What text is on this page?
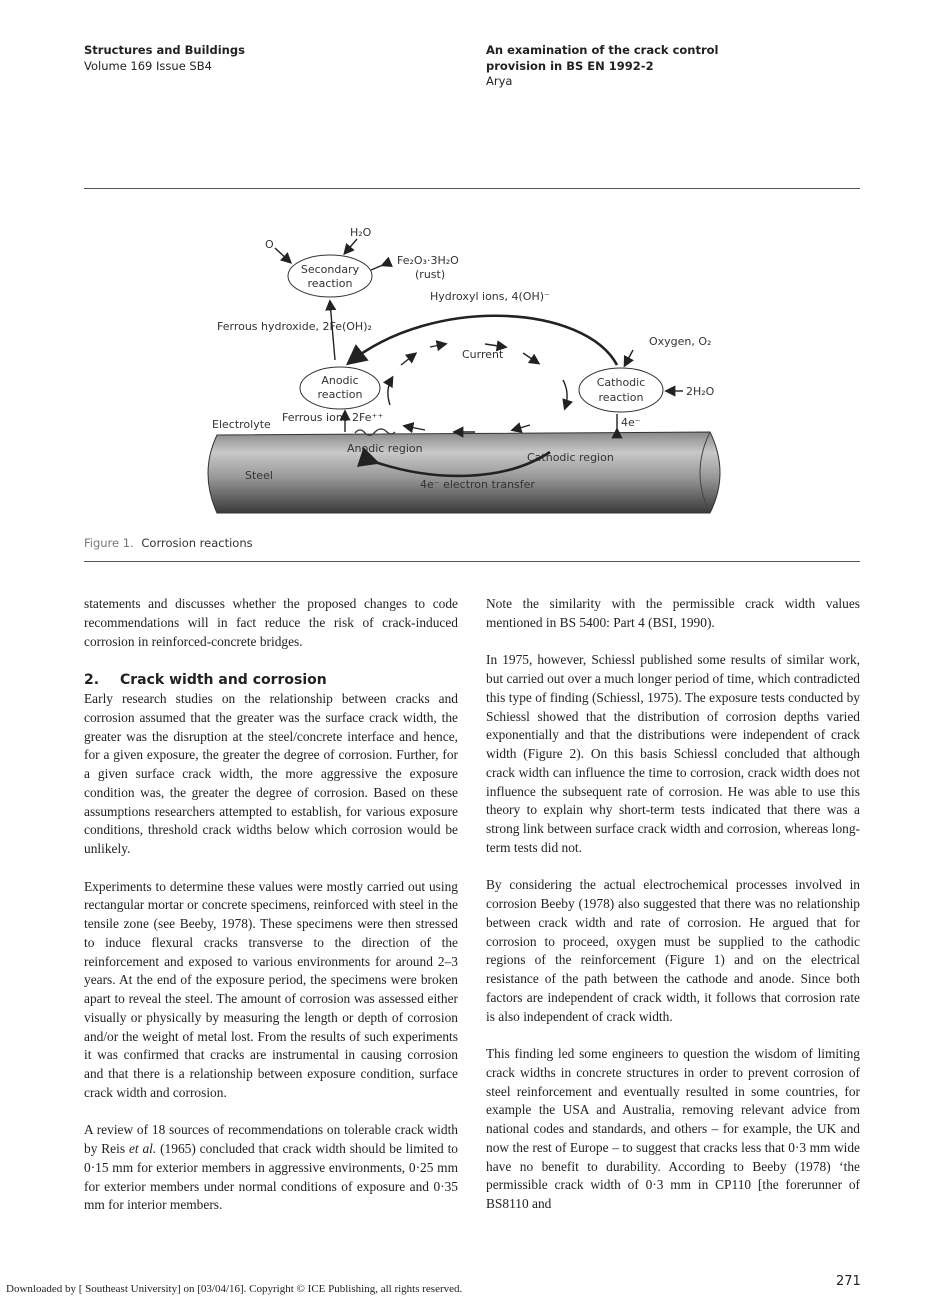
Structures and Buildings
Volume 169 Issue SB4
An examination of the crack control
provision in BS EN 1992-2
Arya
Secondary
reaction
Anodic
reaction
Cathodic
reaction
H₂O
O
Fe₂O₃·3H₂O
(rust)
Hydroxyl ions, 4(OH)⁻
Ferrous hydroxide, 2Fe(OH)₂
Oxygen, O₂
Current
2H₂O
Electrolyte
Ferrous ions 2Fe⁺⁺	4e⁻
Anodic region
Cathodic region
Steel
4e⁻ electron transfer
Figure 1. Corrosion reactions

statements and discusses whether the proposed changes to code recommendations will in fact reduce the risk of crack-induced corrosion in reinforced-concrete bridges.

2. Crack width and corrosion

Early research studies on the relationship between cracks and corrosion assumed that the greater was the surface crack width, the greater was the disruption at the steel/concrete interface and hence, for a given exposure, the greater the degree of corrosion. Further, for a given surface crack width, the more aggressive the exposure condition was, the greater the degree of corrosion. Based on these assumptions researchers attempted to establish, for various exposure conditions, threshold crack widths below which corrosion would be unlikely.

Experiments to determine these values were mostly carried out using rectangular mortar or concrete specimens, reinforced with steel in the tensile zone (see Beeby, 1978). These specimens were then stressed to induce flexural cracks transverse to the direction of the reinforcement and exposed to various environments for around 2–3 years. At the end of the exposure period, the specimens were broken apart to reveal the steel. The amount of corrosion was assessed either visually or physically by measuring the length or depth of corrosion and/or the weight of metal lost. From the results of such experiments it was confirmed that cracks are instrumental in causing corrosion and that there is a relationship between exposure condition, surface crack width and corrosion.

A review of 18 sources of recommendations on tolerable crack width by Reis et al. (1965) concluded that crack width should be limited to 0·15 mm for exterior members in aggressive environments, 0·25 mm for exterior members under normal conditions of exposure and 0·35 mm for interior members.

Note the similarity with the permissible crack width values mentioned in BS 5400: Part 4 (BSI, 1990).

In 1975, however, Schiessl published some results of similar work, but carried out over a much longer period of time, which contradicted this type of finding (Schiessl, 1975). The exposure tests conducted by Schiessl showed that the distribution of corrosion depths varied exponentially and that the distributions were independent of crack width (Figure 2). On this basis Schiessl concluded that although crack width can influence the time to corrosion, crack width does not influence the subsequent rate of corrosion. He was able to use this theory to explain why short-term tests indicated that there was a strong link between surface crack width and corrosion, whereas long-term tests did not.

By considering the actual electrochemical processes involved in corrosion Beeby (1978) also suggested that there was no relationship between crack width and rate of corrosion. He argued that for corrosion to proceed, oxygen must be supplied to the cathodic regions of the reinforcement (Figure 1) and on the electrical resistance of the path between the cathode and anode. Since both factors are independent of crack width, it follows that corrosion rate is also independent of crack width.

This finding led some engineers to question the wisdom of limiting crack widths in concrete structures in order to prevent corrosion of steel reinforcement and eventually resulted in some countries, for example the USA and Australia, removing relevant advice from national codes and standards, and others – for example, the UK and now the rest of Europe – to suggest that cracks less that 0·3 mm wide have no benefit to durability. According to Beeby (1978) ‘the permissible crack width of 0·3 mm in CP110 [the forerunner of BS8110 and

Downloaded by [ Southeast University] on [03/04/16]. Copyright © ICE Publishing, all rights reserved.	271
